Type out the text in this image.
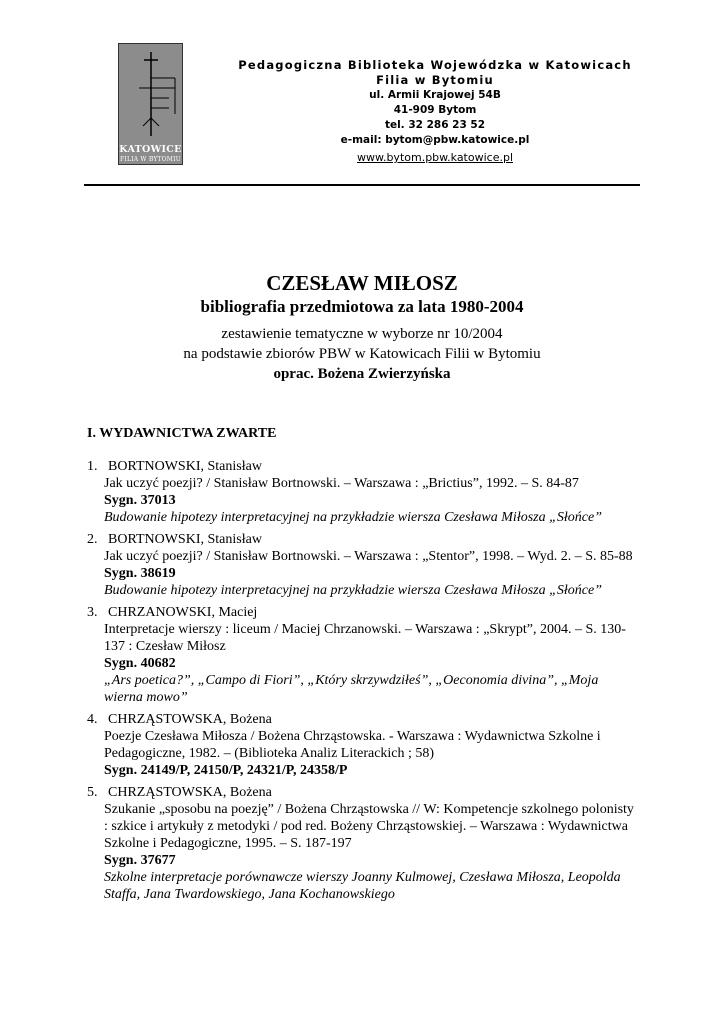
KATOWICE
FILIA W BYTOMIU
Pedagogiczna Biblioteka Wojewódzka w Katowicach
Filia w Bytomiu
ul. Armii Krajowej 54B
41-909 Bytom
tel. 32 286 23 52
e-mail: bytom@pbw.katowice.pl
www.bytom.pbw.katowice.pl
CZESŁAW MIŁOSZ
bibliografia przedmiotowa za lata 1980-2004
zestawienie tematyczne w wyborze nr 10/2004
na podstawie zbiorów PBW w Katowicach Filii w Bytomiu
oprac. Bożena Zwierzyńska
I. WYDAWNICTWA ZWARTE
1. BORTNOWSKI, Stanisław
Jak uczyć poezji? / Stanisław Bortnowski. – Warszawa : „Brictius”, 1992. – S. 84-87
Sygn. 37013
Budowanie hipotezy interpretacyjnej na przykładzie wiersza Czesława Miłosza „Słońce”
2. BORTNOWSKI, Stanisław
Jak uczyć poezji? / Stanisław Bortnowski. – Warszawa : „Stentor”, 1998. – Wyd. 2. – S. 85-88
Sygn. 38619
Budowanie hipotezy interpretacyjnej na przykładzie wiersza Czesława Miłosza „Słońce”
3. CHRZANOWSKI, Maciej
Interpretacje wierszy : liceum / Maciej Chrzanowski. – Warszawa : „Skrypt”, 2004. – S. 130-137 : Czesław Miłosz
Sygn. 40682
„Ars poetica?”, „Campo di Fiori”, „Który skrzywdziłeś”, „Oeconomia divina”, „Moja wierna mowo”
4. CHRZĄSTOWSKA, Bożena
Poezje Czesława Miłosza / Bożena Chrząstowska. - Warszawa : Wydawnictwa Szkolne i Pedagogiczne, 1982. – (Biblioteka Analiz Literackich ; 58)
Sygn. 24149/P, 24150/P, 24321/P, 24358/P
5. CHRZĄSTOWSKA, Bożena
Szukanie „sposobu na poezję” / Bożena Chrząstowska // W: Kompetencje szkolnego polonisty : szkice i artykuły z metodyki / pod red. Bożeny Chrząstowskiej. – Warszawa : Wydawnictwa Szkolne i Pedagogiczne, 1995. – S. 187-197
Sygn. 37677
Szkolne interpretacje porównawcze wierszy Joanny Kulmowej, Czesława Miłosza, Leopolda Staffa, Jana Twardowskiego, Jana Kochanowskiego
